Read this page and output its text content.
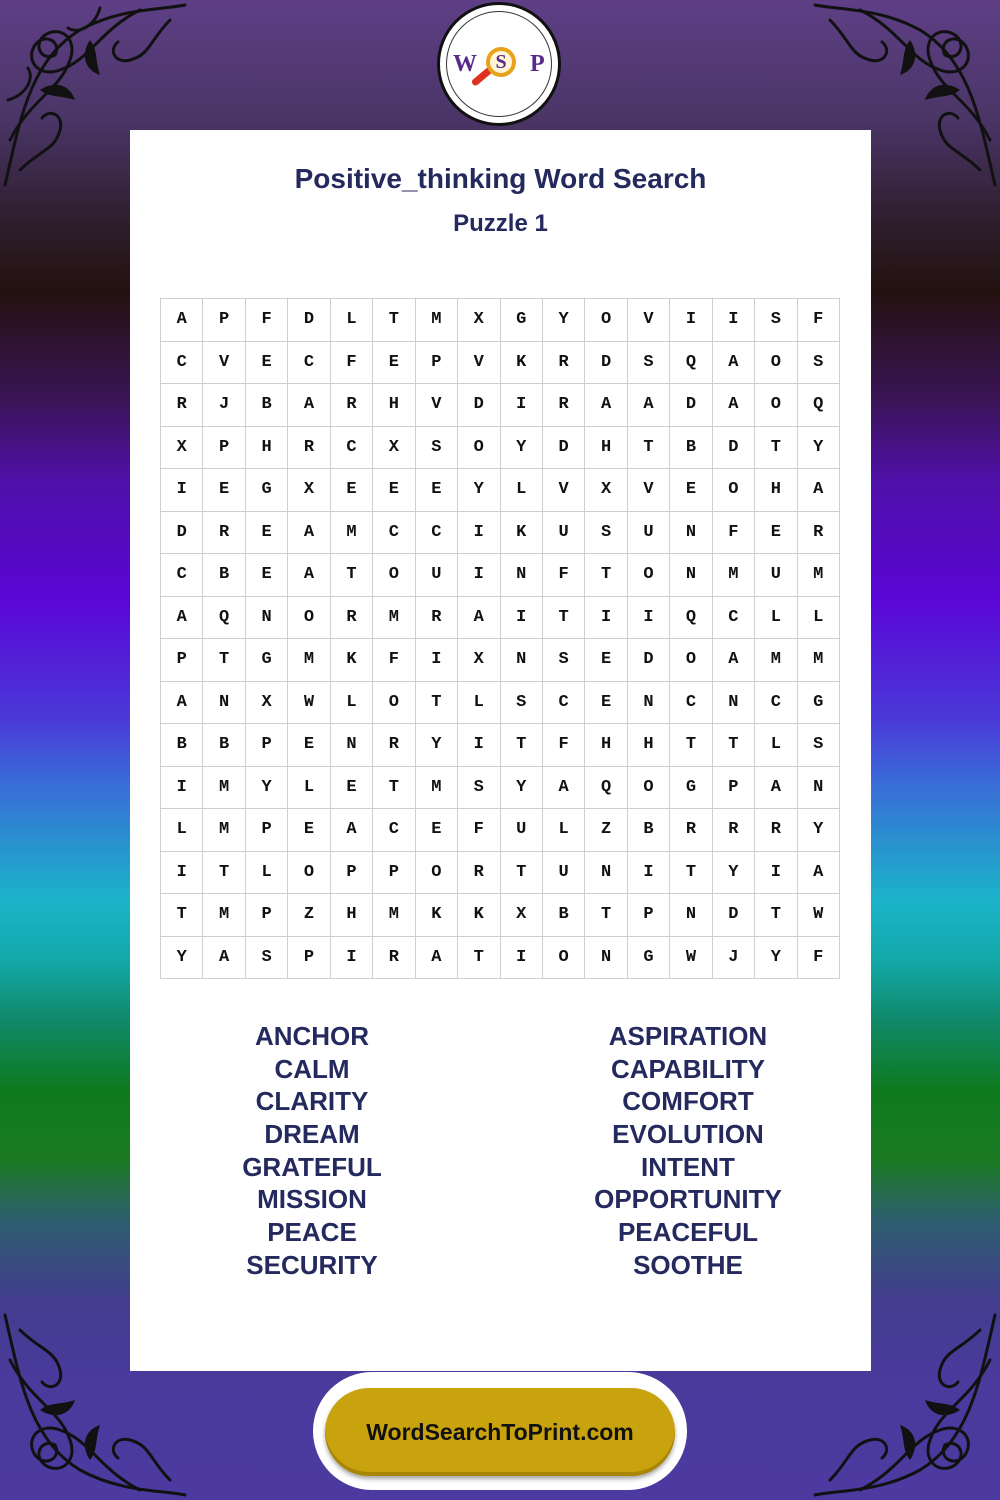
W S P
Positive_thinking Word Search
Puzzle 1
A	P	F	D	L	T	M	X	G	Y	O	V	I	I	S	F
C	V	E	C	F	E	P	V	K	R	D	S	Q	A	O	S
R	J	B	A	R	H	V	D	I	R	A	A	D	A	O	Q
X	P	H	R	C	X	S	O	Y	D	H	T	B	D	T	Y
I	E	G	X	E	E	E	Y	L	V	X	V	E	O	H	A
D	R	E	A	M	C	C	I	K	U	S	U	N	F	E	R
C	B	E	A	T	O	U	I	N	F	T	O	N	M	U	M
A	Q	N	O	R	M	R	A	I	T	I	I	Q	C	L	L
P	T	G	M	K	F	I	X	N	S	E	D	O	A	M	M
A	N	X	W	L	O	T	L	S	C	E	N	C	N	C	G
B	B	P	E	N	R	Y	I	T	F	H	H	T	T	L	S
I	M	Y	L	E	T	M	S	Y	A	Q	O	G	P	A	N
L	M	P	E	A	C	E	F	U	L	Z	B	R	R	R	Y
I	T	L	O	P	P	O	R	T	U	N	I	T	Y	I	A
T	M	P	Z	H	M	K	K	X	B	T	P	N	D	T	W
Y	A	S	P	I	R	A	T	I	O	N	G	W	J	Y	F
ANCHOR
CALM
CLARITY
DREAM
GRATEFUL
MISSION
PEACE
SECURITY
ASPIRATION
CAPABILITY
COMFORT
EVOLUTION
INTENT
OPPORTUNITY
PEACEFUL
SOOTHE
WordSearchToPrint.com
